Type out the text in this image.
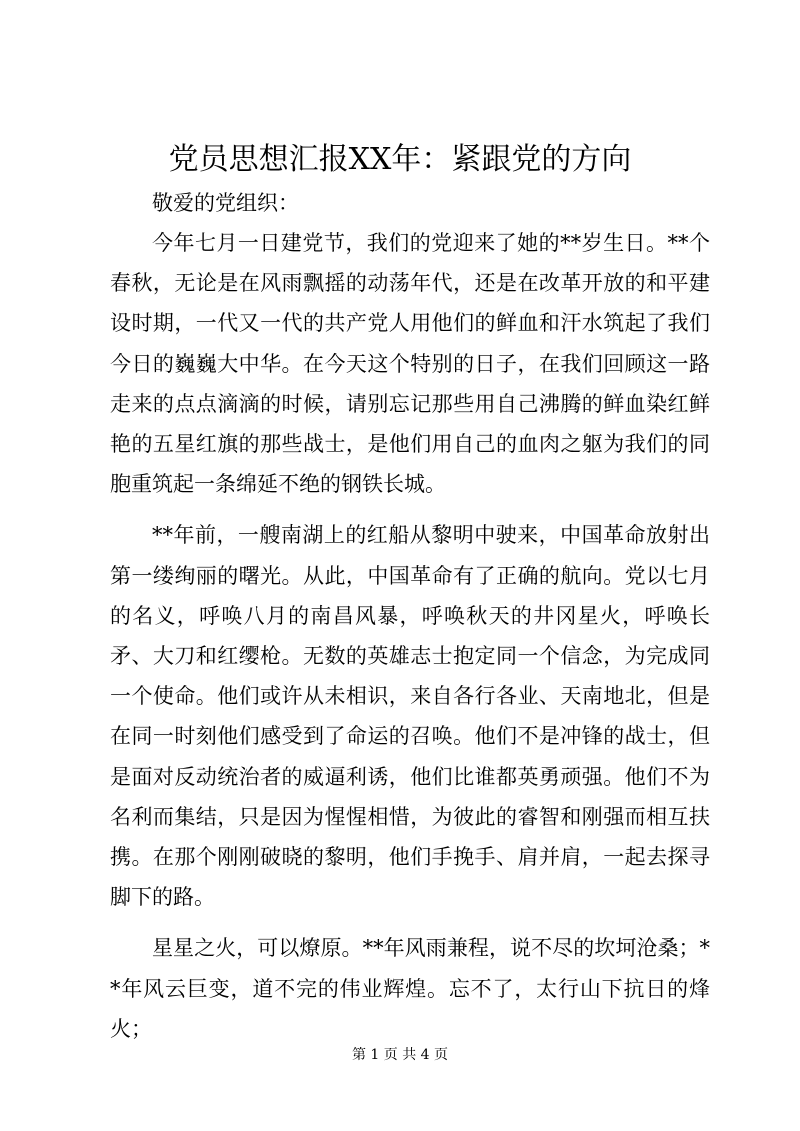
党员思想汇报XX年：紧跟党的方向

敬爱的党组织：

今年七月一日建党节，我们的党迎来了她的**岁生日。**个春秋，无论是在风雨飘摇的动荡年代，还是在改革开放的和平建设时期，一代又一代的共产党人用他们的鲜血和汗水筑起了我们今日的巍巍大中华。在今天这个特别的日子，在我们回顾这一路走来的点点滴滴的时候，请别忘记那些用自己沸腾的鲜血染红鲜艳的五星红旗的那些战士，是他们用自己的血肉之躯为我们的同胞重筑起一条绵延不绝的钢铁长城。

**年前，一艘南湖上的红船从黎明中驶来，中国革命放射出第一缕绚丽的曙光。从此，中国革命有了正确的航向。党以七月的名义，呼唤八月的南昌风暴，呼唤秋天的井冈星火，呼唤长矛、大刀和红缨枪。无数的英雄志士抱定同一个信念，为完成同一个使命。他们或许从未相识，来自各行各业、天南地北，但是在同一时刻他们感受到了命运的召唤。他们不是冲锋的战士，但是面对反动统治者的威逼利诱，他们比谁都英勇顽强。他们不为名利而集结，只是因为惺惺相惜，为彼此的睿智和刚强而相互扶携。在那个刚刚破晓的黎明，他们手挽手、肩并肩，一起去探寻脚下的路。

星星之火，可以燎原。**年风雨兼程，说不尽的坎坷沧桑；**年风云巨变，道不完的伟业辉煌。忘不了，太行山下抗日的烽火；

第 1 页 共 4 页
